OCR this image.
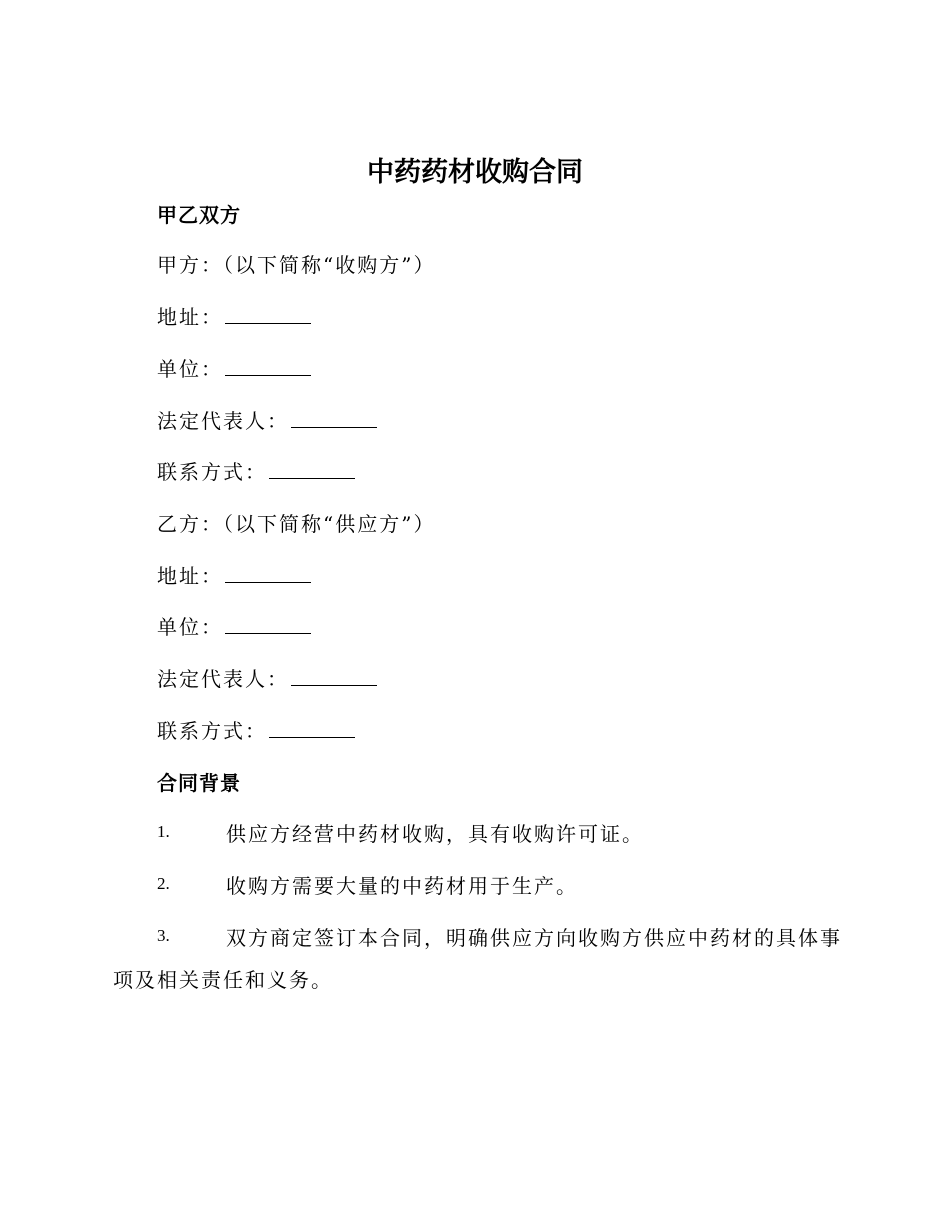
中药药材收购合同
甲乙双方
甲方：（以下简称“收购方”）
地址：
单位：
法定代表人：
联系方式：
乙方：（以下简称“供应方”）
地址：
单位：
法定代表人：
联系方式：
合同背景
1.	供应方经营中药材收购，具有收购许可证。
2.	收购方需要大量的中药材用于生产。
3.	双方商定签订本合同，明确供应方向收购方供应中药材的具体事
项及相关责任和义务。
